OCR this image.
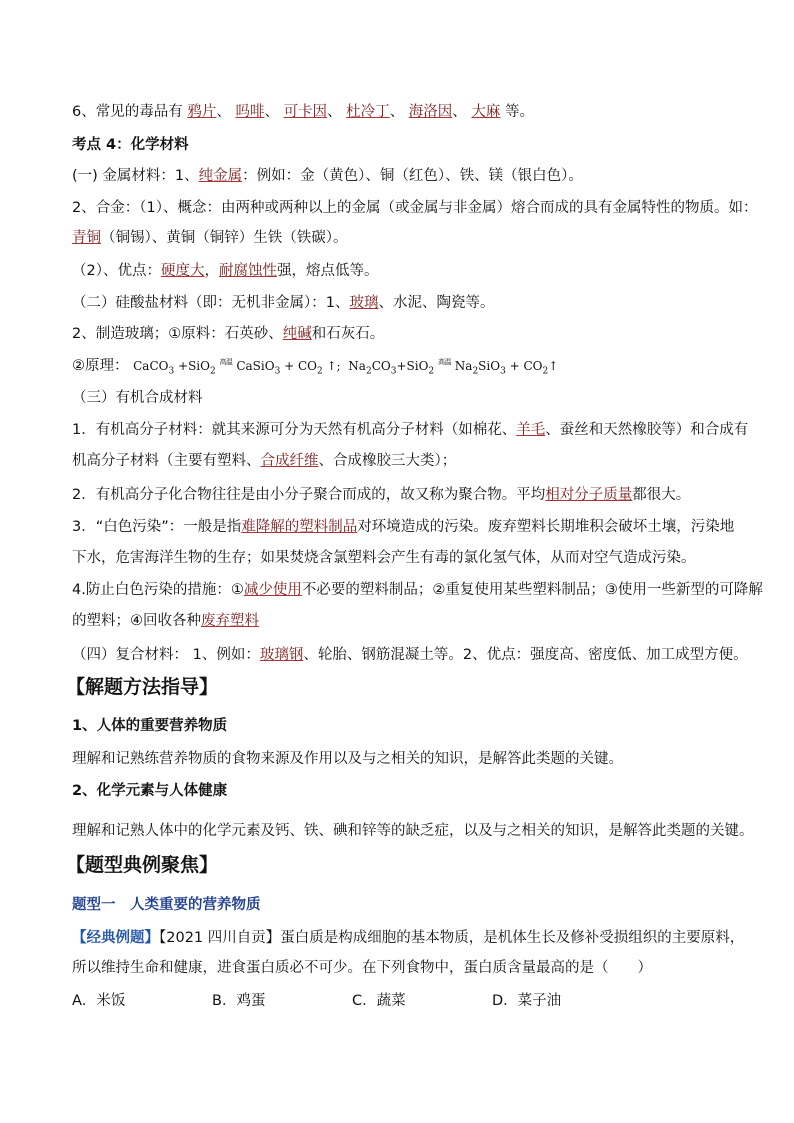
6、常见的毒品有 鸦片、 吗啡、 可卡因、 杜冷丁、 海洛因、 大麻 等。
考点 4：化学材料
(一) 金属材料：1、纯金属：例如：金（黄色）、铜（红色）、铁、镁（银白色）。
2、合金：（1）、概念：由两种或两种以上的金属（或金属与非金属）熔合而成的具有金属特性的物质。如：
青铜（铜锡）、黄铜（铜锌）生铁（铁碳）。
（2）、优点：硬度大，耐腐蚀性强，熔点低等。
（二）硅酸盐材料（即：无机非金属）：1、玻璃、水泥、陶瓷等。
2、制造玻璃；①原料：石英砂、纯碱和石灰石。
②原理： CaCO$_3$ +SiO$_2$ $^{高温}$ CaSiO$_3$ + $CO_2$ ↑;  $Na_2CO_3+SiO_2$ $^{高温}$ $Na_2SiO_3$ + $CO_2↑$
（三）有机合成材料
1．有机高分子材料：就其来源可分为天然有机高分子材料（如棉花、羊毛、蚕丝和天然橡胶等）和合成有
机高分子材料（主要有塑料、合成纤维、合成橡胶三大类）；
2．有机高分子化合物往往是由小分子聚合而成的，故又称为聚合物。平均相对分子质量都很大。
3．“白色污染”：一般是指难降解的塑料制品对环境造成的污染。废弃塑料长期堆积会破坏土壤，污染地
下水，危害海洋生物的生存；如果焚烧含氯塑料会产生有毒的氯化氢气体，从而对空气造成污染。
4.防止白色污染的措施：①减少使用不必要的塑料制品；②重复使用某些塑料制品；③使用一些新型的可降解
的塑料；④回收各种废弃塑料
（四）复合材料： 1、例如：玻璃钢、轮胎、钢筋混凝土等。2、优点：强度高、密度低、加工成型方便。
【解题方法指导】
1、人体的重要营养物质
理解和记熟练营养物质的食物来源及作用以及与之相关的知识，是解答此类题的关键。
2、化学元素与人体健康
理解和记熟人体中的化学元素及钙、铁、碘和锌等的缺乏症，以及与之相关的知识，是解答此类题的关键。
【题型典例聚焦】
题型一　人类重要的营养物质
【经典例题】【2021 四川自贡】蛋白质是构成细胞的基本物质，是机体生长及修补受损组织的主要原料，
所以维持生命和健康，进食蛋白质必不可少。在下列食物中，蛋白质含量最高的是（　　）
A．米饭	B．鸡蛋	C．蔬菜	D．菜子油
